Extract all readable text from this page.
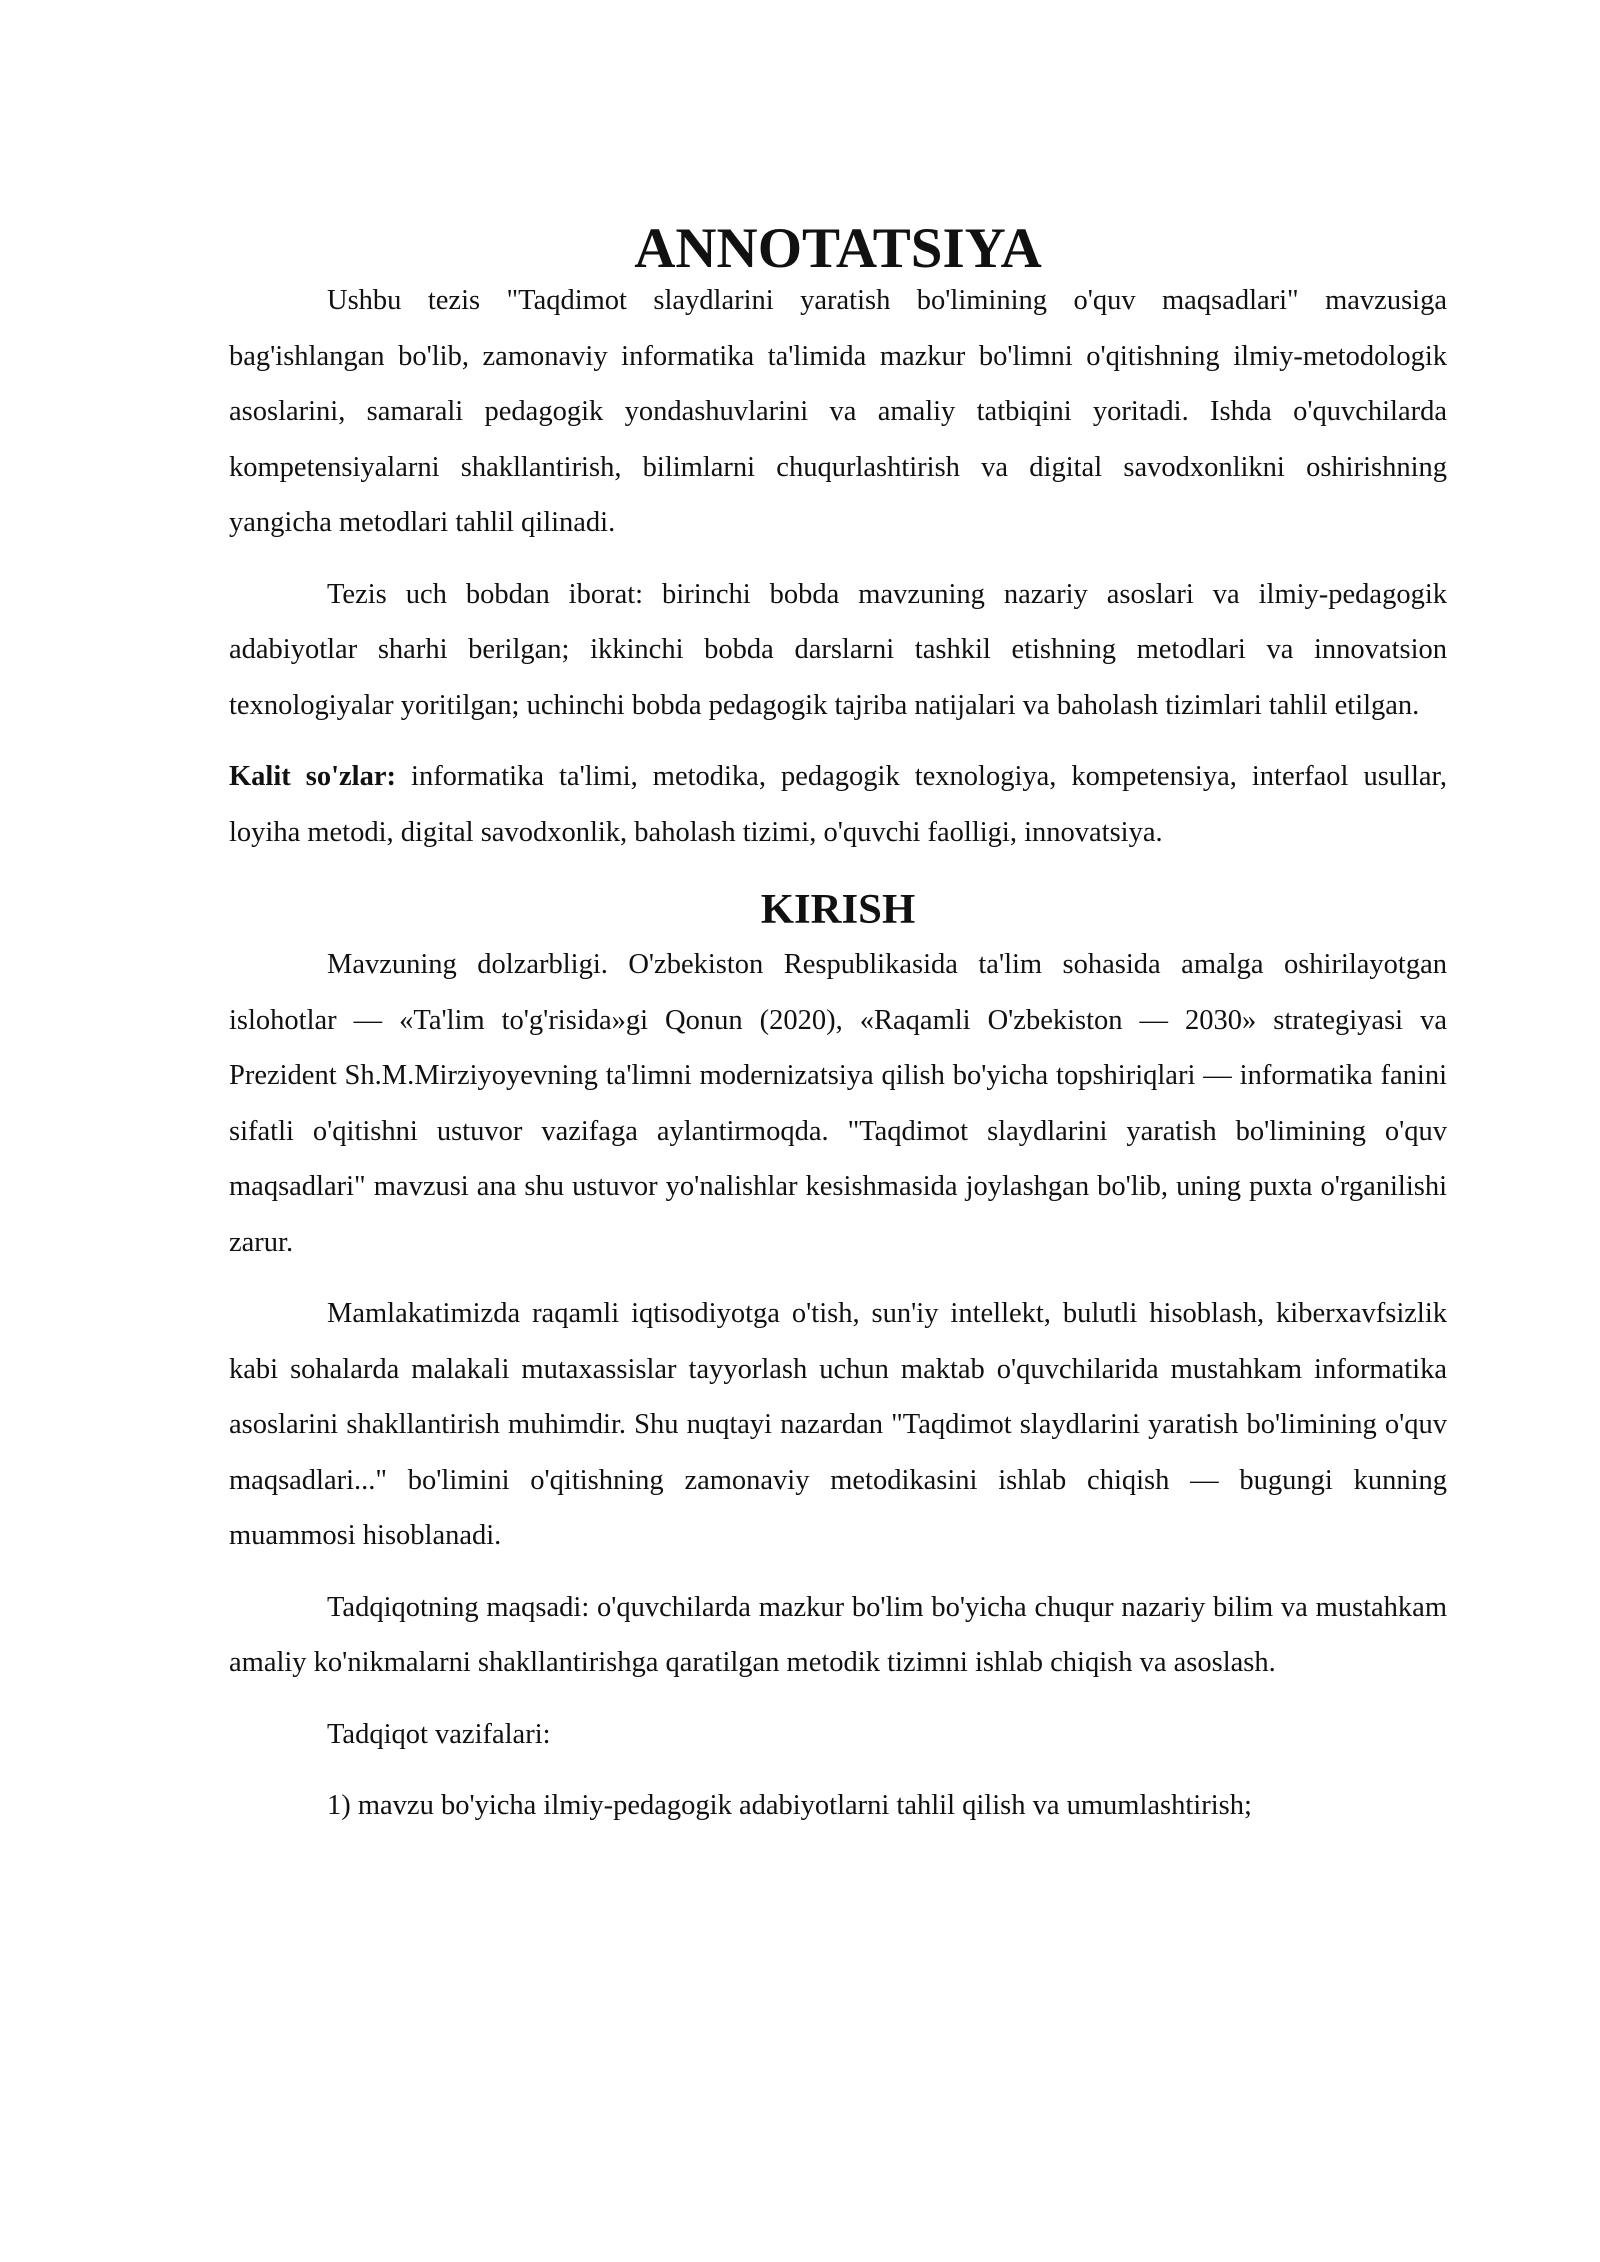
ANNOTATSIYA

Ushbu tezis "Taqdimot slaydlarini yaratish bo'limining o'quv maqsadlari" mavzusiga bag'ishlangan bo'lib, zamonaviy informatika ta'limida mazkur bo'limni o'qitishning ilmiy-metodologik asoslarini, samarali pedagogik yondashuvlarini va amaliy tatbiqini yoritadi. Ishda o'quvchilarda kompetensiyalarni shakllantirish, bilimlarni chuqurlashtirish va digital savodxonlikni oshirishning yangicha metodlari tahlil qilinadi.

Tezis uch bobdan iborat: birinchi bobda mavzuning nazariy asoslari va ilmiy-pedagogik adabiyotlar sharhi berilgan; ikkinchi bobda darslarni tashkil etishning metodlari va innovatsion texnologiyalar yoritilgan; uchinchi bobda pedagogik tajriba natijalari va baholash tizimlari tahlil etilgan.

Kalit so'zlar: informatika ta'limi, metodika, pedagogik texnologiya, kompetensiya, interfaol usullar, loyiha metodi, digital savodxonlik, baholash tizimi, o'quvchi faolligi, innovatsiya.

KIRISH

Mavzuning dolzarbligi. O'zbekiston Respublikasida ta'lim sohasida amalga oshirilayotgan islohotlar — «Ta'lim to'g'risida»gi Qonun (2020), «Raqamli O'zbekiston — 2030» strategiyasi va Prezident Sh.M.Mirziyoyevning ta'limni modernizatsiya qilish bo'yicha topshiriqlari — informatika fanini sifatli o'qitishni ustuvor vazifaga aylantirmoqda. "Taqdimot slaydlarini yaratish bo'limining o'quv maqsadlari" mavzusi ana shu ustuvor yo'nalishlar kesishmasida joylashgan bo'lib, uning puxta o'rganilishi zarur.

Mamlakatimizda raqamli iqtisodiyotga o'tish, sun'iy intellekt, bulutli hisoblash, kiberxavfsizlik kabi sohalarda malakali mutaxassislar tayyorlash uchun maktab o'quvchilarida mustahkam informatika asoslarini shakllantirish muhimdir. Shu nuqtayi nazardan "Taqdimot slaydlarini yaratish bo'limining o'quv maqsadlari..." bo'limini o'qitishning zamonaviy metodikasini ishlab chiqish — bugungi kunning muammosi hisoblanadi.

Tadqiqotning maqsadi: o'quvchilarda mazkur bo'lim bo'yicha chuqur nazariy bilim va mustahkam amaliy ko'nikmalarni shakllantirishga qaratilgan metodik tizimni ishlab chiqish va asoslash.

Tadqiqot vazifalari:

1) mavzu bo'yicha ilmiy-pedagogik adabiyotlarni tahlil qilish va umumlashtirish;
